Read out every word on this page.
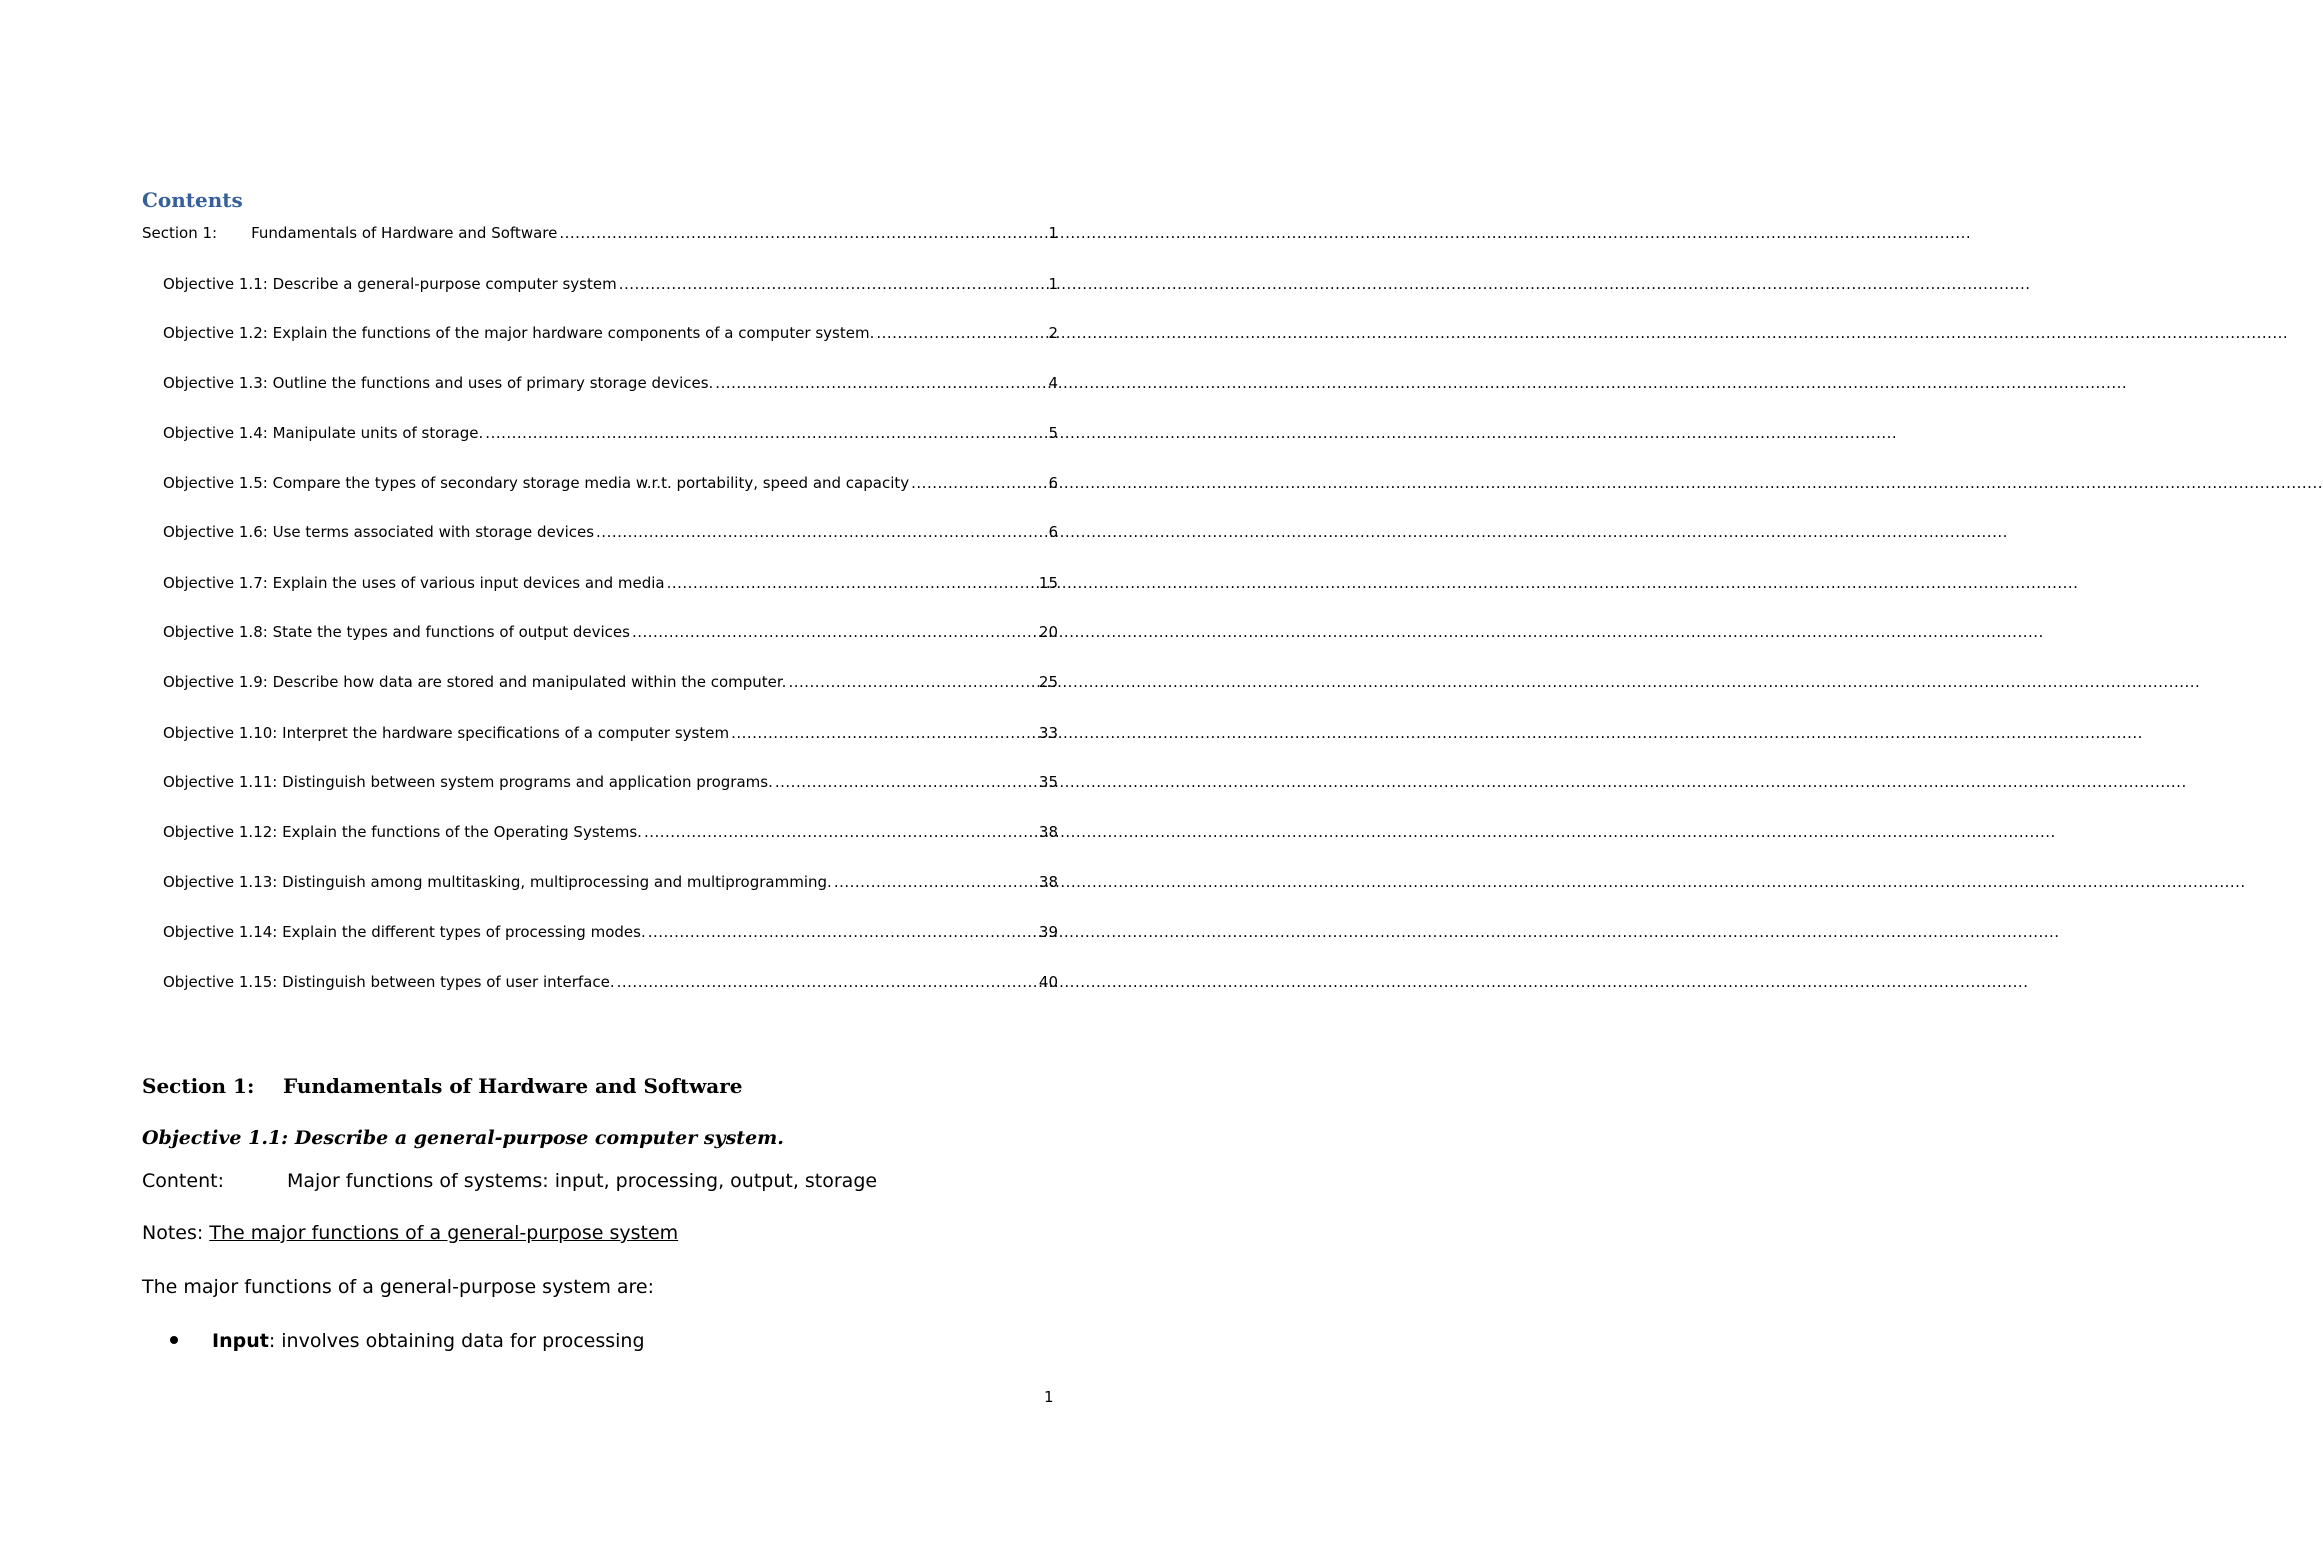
Contents
Section 1: Fundamentals of Hardware and Software .....	1
Objective 1.1: Describe a general-purpose computer system .....	1
Objective 1.2: Explain the functions of the major hardware components of a computer system. .....	2
Objective 1.3: Outline the functions and uses of primary storage devices. .....	4
Objective 1.4: Manipulate units of storage. .....	5
Objective 1.5: Compare the types of secondary storage media w.r.t. portability, speed and capacity .....	6
Objective 1.6: Use terms associated with storage devices .....	6
Objective 1.7: Explain the uses of various input devices and media .....	15
Objective 1.8: State the types and functions of output devices .....	20
Objective 1.9: Describe how data are stored and manipulated within the computer. .....	25
Objective 1.10: Interpret the hardware specifications of a computer system .....	33
Objective 1.11: Distinguish between system programs and application programs. .....	35
Objective 1.12: Explain the functions of the Operating Systems. .....	38
Objective 1.13: Distinguish among multitasking, multiprocessing and multiprogramming. .....	38
Objective 1.14: Explain the different types of processing modes. .....	39
Objective 1.15: Distinguish between types of user interface. .....	40
Section 1: Fundamentals of Hardware and Software
Objective 1.1: Describe a general-purpose computer system.

Content:	Major functions of systems: input, processing, output, storage

Notes: The major functions of a general-purpose system

The major functions of a general-purpose system are:

Input : involves obtaining data for processing
1
